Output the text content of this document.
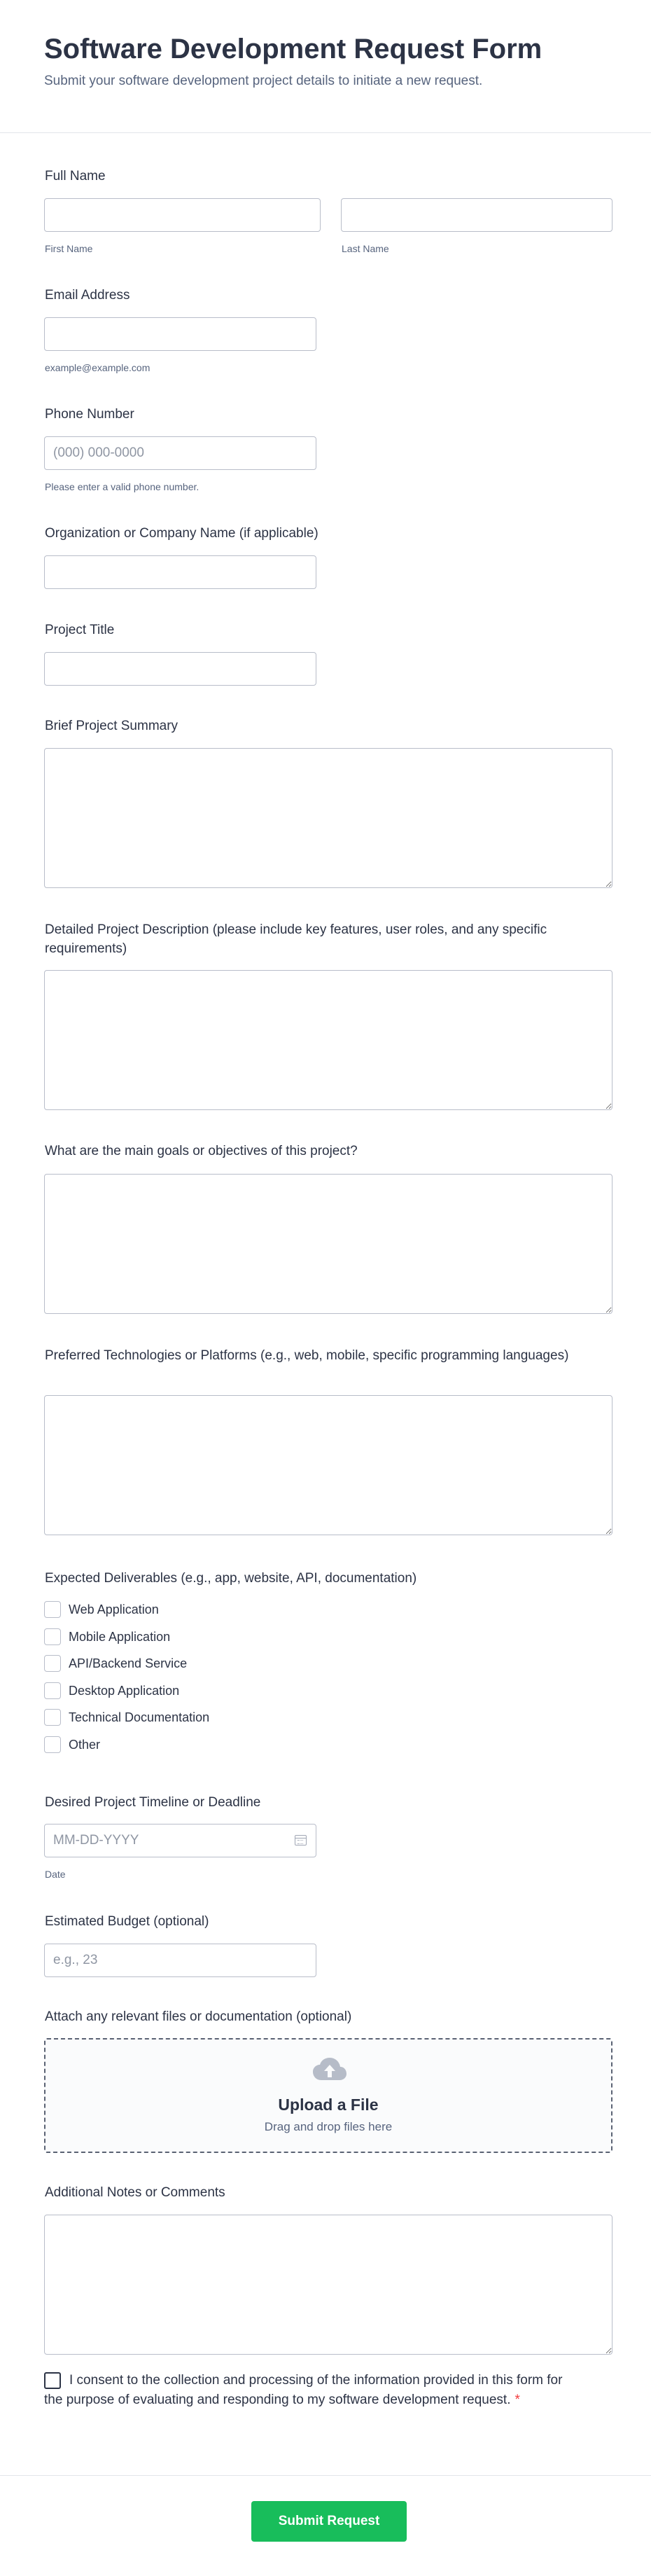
Software Development Request Form

Submit your software development project details to initiate a new request.

Full Name
First Name	Last Name
Email Address
example@example.com
Phone Number
(000) 000-0000
Please enter a valid phone number.
Organization or Company Name (if applicable)
Project Title
Brief Project Summary
Detailed Project Description (please include key features, user roles, and any specific requirements)
What are the main goals or objectives of this project?
Preferred Technologies or Platforms (e.g., web, mobile, specific programming languages)
Expected Deliverables (e.g., app, website, API, documentation)
Web Application
Mobile Application
API/Backend Service
Desktop Application
Technical Documentation
Other
Desired Project Timeline or Deadline
MM-DD-YYYY
Date
Estimated Budget (optional)
e.g., 23
Attach any relevant files or documentation (optional)
Upload a File
Drag and drop files here
Additional Notes or Comments

I consent to the collection and processing of the information provided in this form for the purpose of evaluating and responding to my software development request. *

Submit Request
